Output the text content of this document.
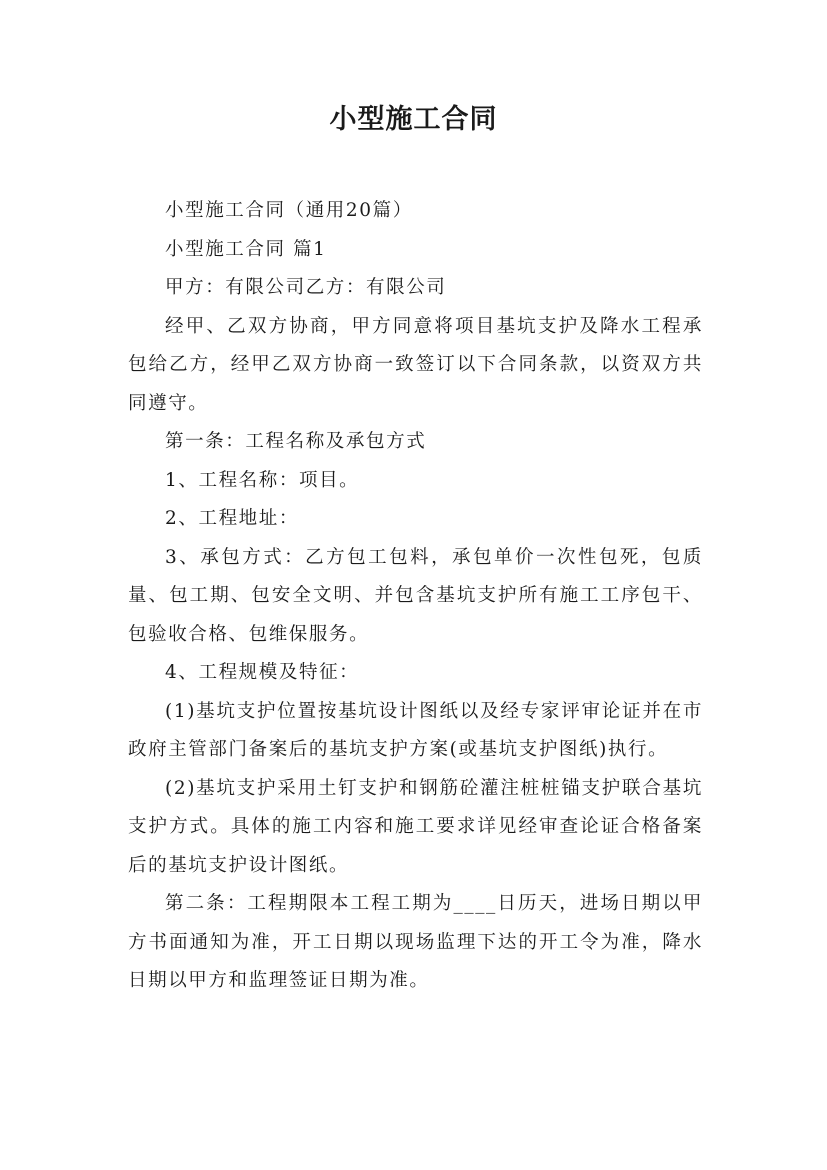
小型施工合同

小型施工合同（通用20篇）

小型施工合同 篇1

甲方：有限公司乙方：有限公司

经甲、乙双方协商，甲方同意将项目基坑支护及降水工程承包给乙方，经甲乙双方协商一致签订以下合同条款，以资双方共同遵守。

第一条：工程名称及承包方式

1、工程名称：项目。

2、工程地址：

3、承包方式：乙方包工包料，承包单价一次性包死，包质量、包工期、包安全文明、并包含基坑支护所有施工工序包干、包验收合格、包维保服务。

4、工程规模及特征：

(1)基坑支护位置按基坑设计图纸以及经专家评审论证并在市政府主管部门备案后的基坑支护方案(或基坑支护图纸)执行。

(2)基坑支护采用土钉支护和钢筋砼灌注桩桩锚支护联合基坑支护方式。具体的施工内容和施工要求详见经审查论证合格备案后的基坑支护设计图纸。

第二条：工程期限本工程工期为____日历天，进场日期以甲方书面通知为准，开工日期以现场监理下达的开工令为准，降水日期以甲方和监理签证日期为准。
